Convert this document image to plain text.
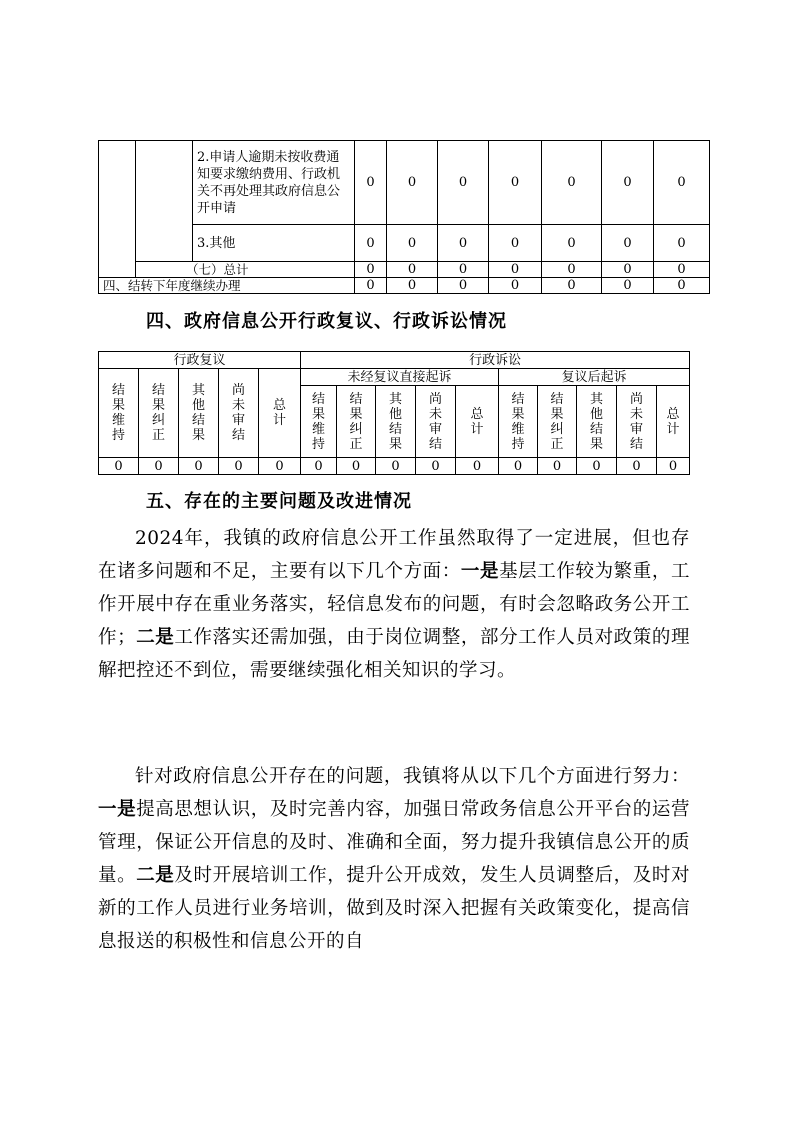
		2.申请人逾期未按收费通知要求缴纳费用、行政机关不再处理其政府信息公开申请	0	0	0	0	0	0	0
		3.其他	0	0	0	0	0	0	0
	（七）总计		0	0	0	0	0	0	0
四、结转下年度继续办理			0	0	0	0	0	0	0
四、政府信息公开行政复议、行政诉讼情况
行政复议					行政诉讼									

结果维持	结果纠正	其他结果	尚未审结	总计	未经复议直接起诉					复议后起诉				

					结果维持	结果纠正	其他结果	尚未审结	总计	结果维持	结果纠正	其他结果	尚未审结	总计

0	0	0	0	0	0	0	0	0	0	0	0	0	0	0
五、存在的主要问题及改进情况

2024年，我镇的政府信息公开工作虽然取得了一定进展，但也存在诸多问题和不足，主要有以下几个方面：一是基层工作较为繁重，工作开展中存在重业务落实，轻信息发布的问题，有时会忽略政务公开工作；二是工作落实还需加强，由于岗位调整，部分工作人员对政策的理解把控还不到位，需要继续强化相关知识的学习。

针对政府信息公开存在的问题，我镇将从以下几个方面进行努力：一是提高思想认识，及时完善内容，加强日常政务信息公开平台的运营管理，保证公开信息的及时、准确和全面，努力提升我镇信息公开的质量。二是及时开展培训工作，提升公开成效，发生人员调整后，及时对新的工作人员进行业务培训，做到及时深入把握有关政策变化，提高信息报送的积极性和信息公开的自
